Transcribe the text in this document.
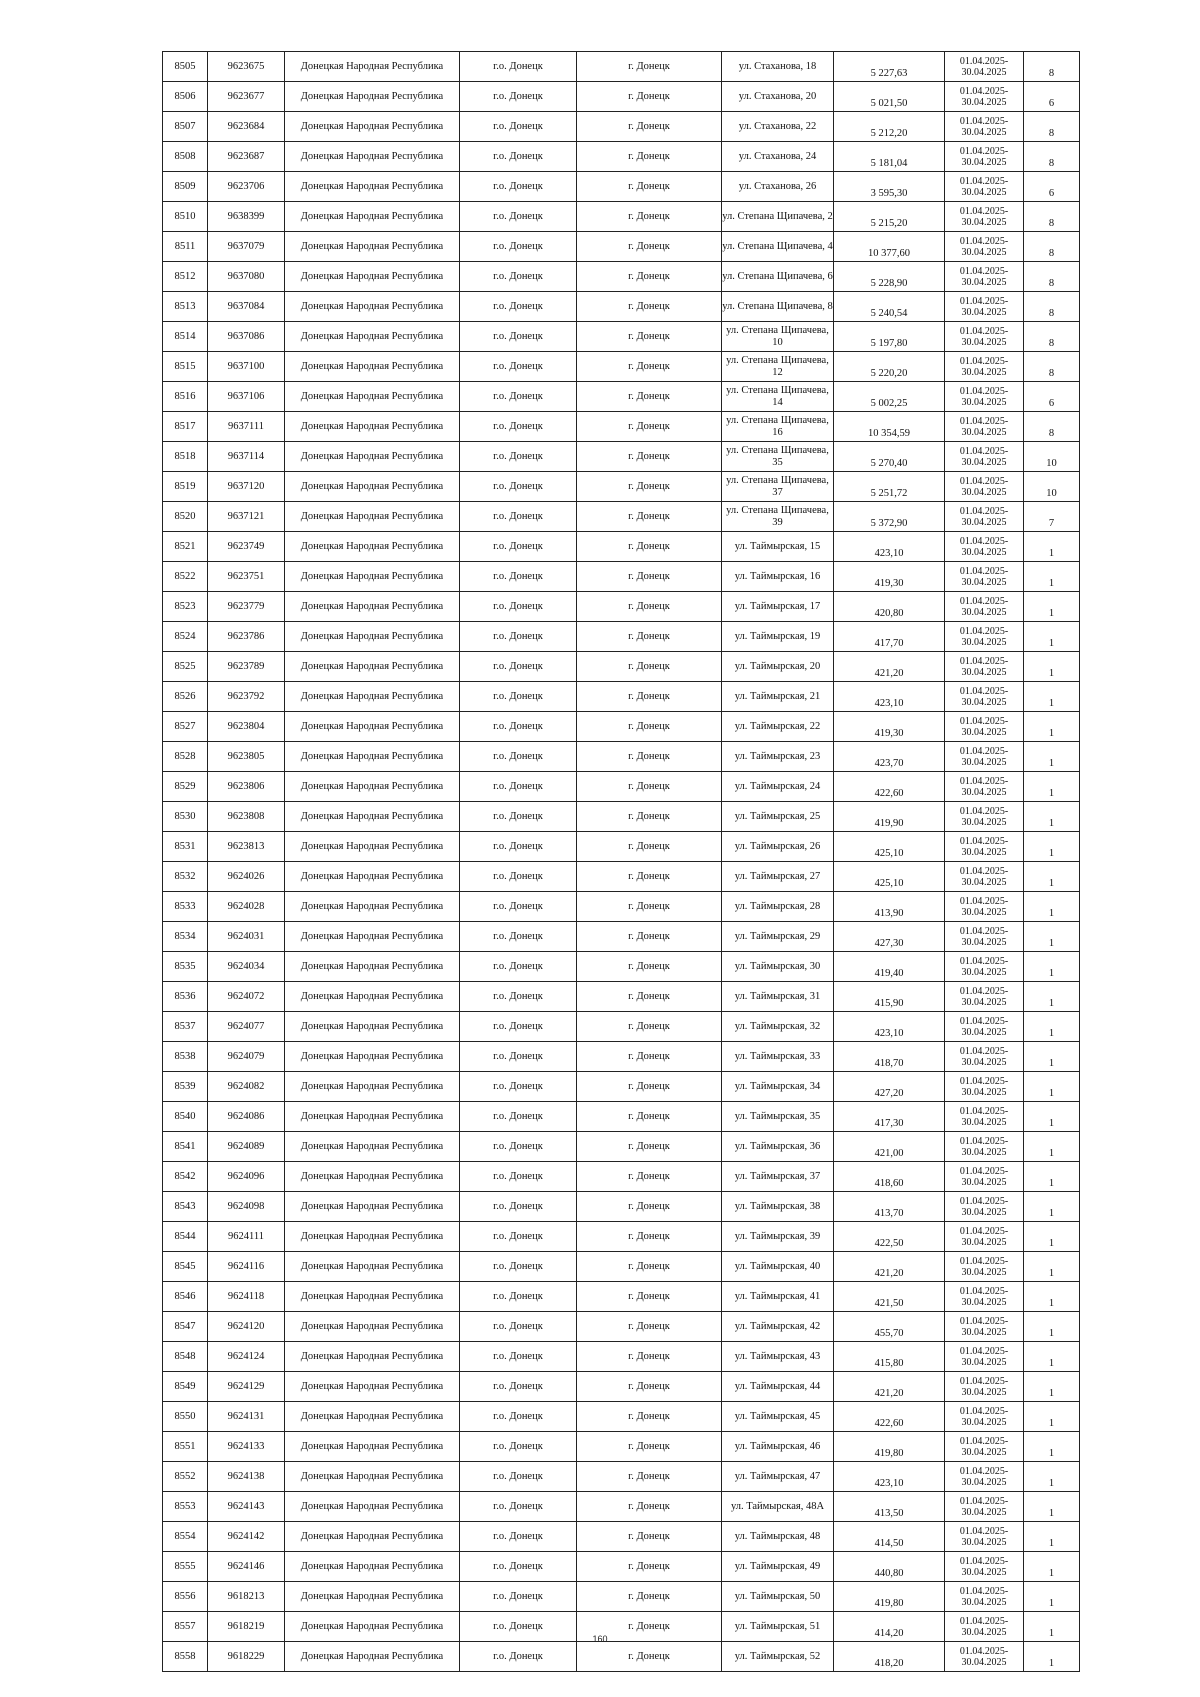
8505	9623675	Донецкая Народная Республика	г.о. Донецк	г. Донецк	ул. Стаханова, 18	5 227,63	01.04.2025-30.04.2025	8
8506	9623677	Донецкая Народная Республика	г.о. Донецк	г. Донецк	ул. Стаханова, 20	5 021,50	01.04.2025-30.04.2025	6
8507	9623684	Донецкая Народная Республика	г.о. Донецк	г. Донецк	ул. Стаханова, 22	5 212,20	01.04.2025-30.04.2025	8
8508	9623687	Донецкая Народная Республика	г.о. Донецк	г. Донецк	ул. Стаханова, 24	5 181,04	01.04.2025-30.04.2025	8
8509	9623706	Донецкая Народная Республика	г.о. Донецк	г. Донецк	ул. Стаханова, 26	3 595,30	01.04.2025-30.04.2025	6
8510	9638399	Донецкая Народная Республика	г.о. Донецк	г. Донецк	ул. Степана Щипачева, 2	5 215,20	01.04.2025-30.04.2025	8
8511	9637079	Донецкая Народная Республика	г.о. Донецк	г. Донецк	ул. Степана Щипачева, 4	10 377,60	01.04.2025-30.04.2025	8
8512	9637080	Донецкая Народная Республика	г.о. Донецк	г. Донецк	ул. Степана Щипачева, 6	5 228,90	01.04.2025-30.04.2025	8
8513	9637084	Донецкая Народная Республика	г.о. Донецк	г. Донецк	ул. Степана Щипачева, 8	5 240,54	01.04.2025-30.04.2025	8
8514	9637086	Донецкая Народная Республика	г.о. Донецк	г. Донецк	ул. Степана Щипачева, 10	5 197,80	01.04.2025-30.04.2025	8
8515	9637100	Донецкая Народная Республика	г.о. Донецк	г. Донецк	ул. Степана Щипачева, 12	5 220,20	01.04.2025-30.04.2025	8
8516	9637106	Донецкая Народная Республика	г.о. Донецк	г. Донецк	ул. Степана Щипачева, 14	5 002,25	01.04.2025-30.04.2025	6
8517	9637111	Донецкая Народная Республика	г.о. Донецк	г. Донецк	ул. Степана Щипачева, 16	10 354,59	01.04.2025-30.04.2025	8
8518	9637114	Донецкая Народная Республика	г.о. Донецк	г. Донецк	ул. Степана Щипачева, 35	5 270,40	01.04.2025-30.04.2025	10
8519	9637120	Донецкая Народная Республика	г.о. Донецк	г. Донецк	ул. Степана Щипачева, 37	5 251,72	01.04.2025-30.04.2025	10
8520	9637121	Донецкая Народная Республика	г.о. Донецк	г. Донецк	ул. Степана Щипачева, 39	5 372,90	01.04.2025-30.04.2025	7
8521	9623749	Донецкая Народная Республика	г.о. Донецк	г. Донецк	ул. Таймырская, 15	423,10	01.04.2025-30.04.2025	1
8522	9623751	Донецкая Народная Республика	г.о. Донецк	г. Донецк	ул. Таймырская, 16	419,30	01.04.2025-30.04.2025	1
8523	9623779	Донецкая Народная Республика	г.о. Донецк	г. Донецк	ул. Таймырская, 17	420,80	01.04.2025-30.04.2025	1
8524	9623786	Донецкая Народная Республика	г.о. Донецк	г. Донецк	ул. Таймырская, 19	417,70	01.04.2025-30.04.2025	1
8525	9623789	Донецкая Народная Республика	г.о. Донецк	г. Донецк	ул. Таймырская, 20	421,20	01.04.2025-30.04.2025	1
8526	9623792	Донецкая Народная Республика	г.о. Донецк	г. Донецк	ул. Таймырская, 21	423,10	01.04.2025-30.04.2025	1
8527	9623804	Донецкая Народная Республика	г.о. Донецк	г. Донецк	ул. Таймырская, 22	419,30	01.04.2025-30.04.2025	1
8528	9623805	Донецкая Народная Республика	г.о. Донецк	г. Донецк	ул. Таймырская, 23	423,70	01.04.2025-30.04.2025	1
8529	9623806	Донецкая Народная Республика	г.о. Донецк	г. Донецк	ул. Таймырская, 24	422,60	01.04.2025-30.04.2025	1
8530	9623808	Донецкая Народная Республика	г.о. Донецк	г. Донецк	ул. Таймырская, 25	419,90	01.04.2025-30.04.2025	1
8531	9623813	Донецкая Народная Республика	г.о. Донецк	г. Донецк	ул. Таймырская, 26	425,10	01.04.2025-30.04.2025	1
8532	9624026	Донецкая Народная Республика	г.о. Донецк	г. Донецк	ул. Таймырская, 27	425,10	01.04.2025-30.04.2025	1
8533	9624028	Донецкая Народная Республика	г.о. Донецк	г. Донецк	ул. Таймырская, 28	413,90	01.04.2025-30.04.2025	1
8534	9624031	Донецкая Народная Республика	г.о. Донецк	г. Донецк	ул. Таймырская, 29	427,30	01.04.2025-30.04.2025	1
8535	9624034	Донецкая Народная Республика	г.о. Донецк	г. Донецк	ул. Таймырская, 30	419,40	01.04.2025-30.04.2025	1
8536	9624072	Донецкая Народная Республика	г.о. Донецк	г. Донецк	ул. Таймырская, 31	415,90	01.04.2025-30.04.2025	1
8537	9624077	Донецкая Народная Республика	г.о. Донецк	г. Донецк	ул. Таймырская, 32	423,10	01.04.2025-30.04.2025	1
8538	9624079	Донецкая Народная Республика	г.о. Донецк	г. Донецк	ул. Таймырская, 33	418,70	01.04.2025-30.04.2025	1
8539	9624082	Донецкая Народная Республика	г.о. Донецк	г. Донецк	ул. Таймырская, 34	427,20	01.04.2025-30.04.2025	1
8540	9624086	Донецкая Народная Республика	г.о. Донецк	г. Донецк	ул. Таймырская, 35	417,30	01.04.2025-30.04.2025	1
8541	9624089	Донецкая Народная Республика	г.о. Донецк	г. Донецк	ул. Таймырская, 36	421,00	01.04.2025-30.04.2025	1
8542	9624096	Донецкая Народная Республика	г.о. Донецк	г. Донецк	ул. Таймырская, 37	418,60	01.04.2025-30.04.2025	1
8543	9624098	Донецкая Народная Республика	г.о. Донецк	г. Донецк	ул. Таймырская, 38	413,70	01.04.2025-30.04.2025	1
8544	9624111	Донецкая Народная Республика	г.о. Донецк	г. Донецк	ул. Таймырская, 39	422,50	01.04.2025-30.04.2025	1
8545	9624116	Донецкая Народная Республика	г.о. Донецк	г. Донецк	ул. Таймырская, 40	421,20	01.04.2025-30.04.2025	1
8546	9624118	Донецкая Народная Республика	г.о. Донецк	г. Донецк	ул. Таймырская, 41	421,50	01.04.2025-30.04.2025	1
8547	9624120	Донецкая Народная Республика	г.о. Донецк	г. Донецк	ул. Таймырская, 42	455,70	01.04.2025-30.04.2025	1
8548	9624124	Донецкая Народная Республика	г.о. Донецк	г. Донецк	ул. Таймырская, 43	415,80	01.04.2025-30.04.2025	1
8549	9624129	Донецкая Народная Республика	г.о. Донецк	г. Донецк	ул. Таймырская, 44	421,20	01.04.2025-30.04.2025	1
8550	9624131	Донецкая Народная Республика	г.о. Донецк	г. Донецк	ул. Таймырская, 45	422,60	01.04.2025-30.04.2025	1
8551	9624133	Донецкая Народная Республика	г.о. Донецк	г. Донецк	ул. Таймырская, 46	419,80	01.04.2025-30.04.2025	1
8552	9624138	Донецкая Народная Республика	г.о. Донецк	г. Донецк	ул. Таймырская, 47	423,10	01.04.2025-30.04.2025	1
8553	9624143	Донецкая Народная Республика	г.о. Донецк	г. Донецк	ул. Таймырская, 48А	413,50	01.04.2025-30.04.2025	1
8554	9624142	Донецкая Народная Республика	г.о. Донецк	г. Донецк	ул. Таймырская, 48	414,50	01.04.2025-30.04.2025	1
8555	9624146	Донецкая Народная Республика	г.о. Донецк	г. Донецк	ул. Таймырская, 49	440,80	01.04.2025-30.04.2025	1
8556	9618213	Донецкая Народная Республика	г.о. Донецк	г. Донецк	ул. Таймырская, 50	419,80	01.04.2025-30.04.2025	1
8557	9618219	Донецкая Народная Республика	г.о. Донецк	г. Донецк	ул. Таймырская, 51	414,20	01.04.2025-30.04.2025	1
8558	9618229	Донецкая Народная Республика	г.о. Донецк	г. Донецк	ул. Таймырская, 52	418,20	01.04.2025-30.04.2025	1
160
